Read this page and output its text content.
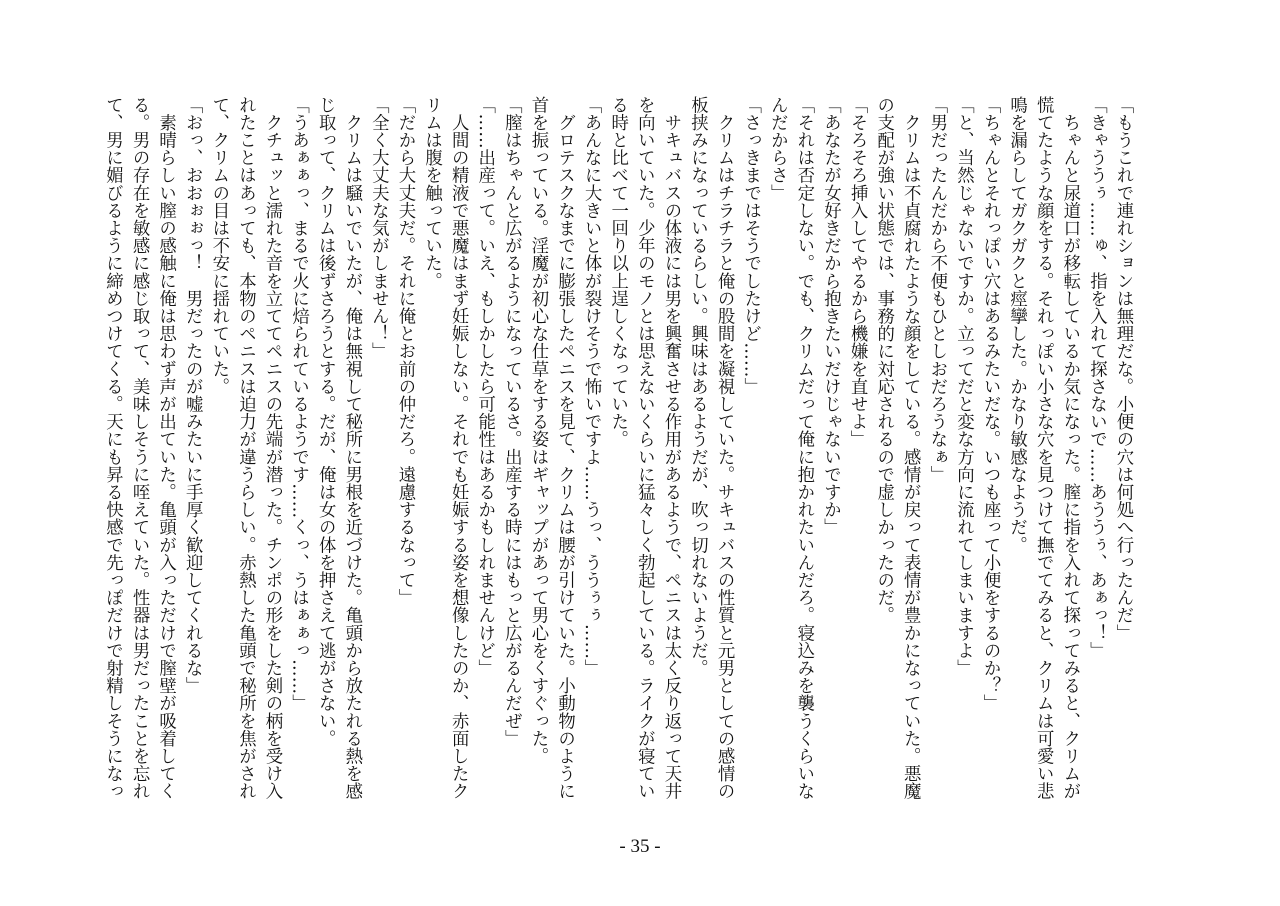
「もうこれで連れションは無理だな。小便の穴は何処へ行ったんだ」
「きゃううぅ……ゅ、指を入れて探さないで……あううぅ、あぁっ！」
　ちゃんと尿道口が移転しているか気になった。膣に指を入れて探ってみると、クリムが
慌てたような顔をする。それっぽい小さな穴を見つけて撫でてみると、クリムは可愛い悲
鳴を漏らしてガクガクと痙攣した。かなり敏感なようだ。
「ちゃんとそれっぽい穴はあるみたいだな。いつも座って小便をするのか？」
「と、当然じゃないですか。立ってだと変な方向に流れてしまいますよ」
「男だったんだから不便もひとしおだろうなぁ」
　クリムは不貞腐れたような顔をしている。感情が戻って表情が豊かになっていた。悪魔
の支配が強い状態では、事務的に対応されるので虚しかったのだ。
「そろそろ挿入してやるから機嫌を直せよ」
「あなたが女好きだから抱きたいだけじゃないですか」
「それは否定しない。でも、クリムだって俺に抱かれたいんだろ。寝込みを襲うくらいな
んだからさ」
「さっきまではそうでしたけど……」
　クリムはチラチラと俺の股間を凝視していた。サキュバスの性質と元男としての感情の
板挟みになっているらしい。興味はあるようだが、吹っ切れないようだ。
　サキュバスの体液には男を興奮させる作用があるようで、ペニスは太く反り返って天井
を向いていた。少年のモノとは思えないくらいに猛々しく勃起している。ライクが寝てい
る時と比べて一回り以上逞しくなっていた。
「あんなに大きいと体が裂けそうで怖いですよ……うっ、ううぅぅ……」
　グロテスクなまでに膨張したペニスを見て、クリムは腰が引けていた。小動物のように
首を振っている。淫魔が初心な仕草をする姿はギャップがあって男心をくすぐった。
「膣はちゃんと広がるようになっているさ。出産する時にはもっと広がるんだぜ」
「……出産って。いえ、もしかしたら可能性はあるかもしれませんけど」
　人間の精液で悪魔はまず妊娠しない。それでも妊娠する姿を想像したのか、赤面したク
リムは腹を触っていた。
「だから大丈夫だ。それに俺とお前の仲だろ。遠慮するなって」
「全く大丈夫な気がしません！」
　クリムは騒いでいたが、俺は無視して秘所に男根を近づけた。亀頭から放たれる熱を感
じ取って、クリムは後ずさろうとする。だが、俺は女の体を押さえて逃がさない。
「うあぁぁっ、まるで火に焙られているようです……くっ、うはぁぁっ……」
　クチュッと濡れた音を立ててペニスの先端が潜った。チンポの形をした剣の柄を受け入
れたことはあっても、本物のペニスは迫力が違うらしい。赤熱した亀頭で秘所を焦がされ
て、クリムの目は不安に揺れていた。
「おっ、おおぉぉっ！　男だったのが嘘みたいに手厚く歓迎してくれるな」
　素晴らしい膣の感触に俺は思わず声が出ていた。亀頭が入っただけで膣壁が吸着してく
る。男の存在を敏感に感じ取って、美味しそうに咥えていた。性器は男だったことを忘れ
て、男に媚びるように締めつけてくる。天にも昇る快感で先っぽだけで射精しそうになっ
- 35 -
